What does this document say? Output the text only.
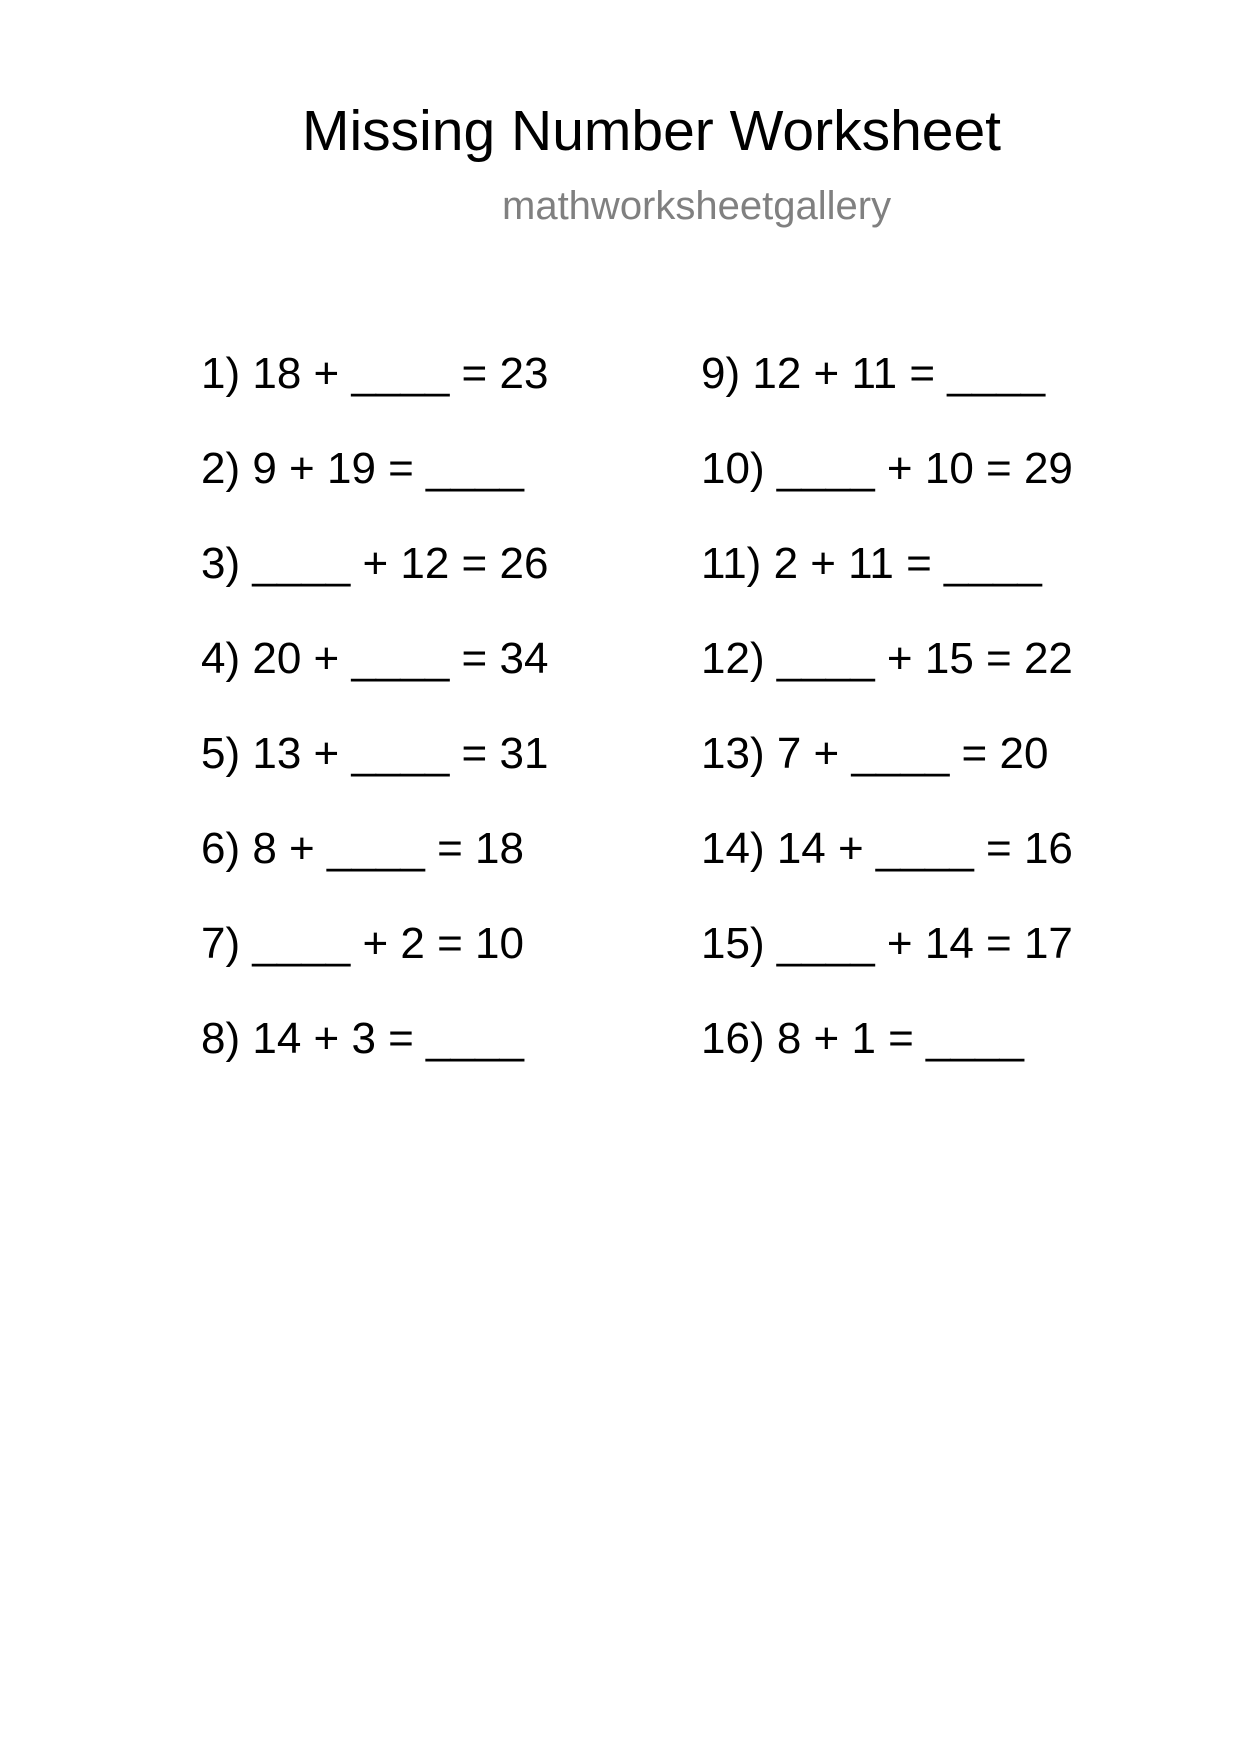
Missing Number Worksheet
mathworksheetgallery
1) 18 + ____ = 23
2) 9 + 19 = ____
3) ____ + 12 = 26
4) 20 + ____ = 34
5) 13 + ____ = 31
6) 8 + ____ = 18
7) ____ + 2 = 10
8) 14 + 3 = ____
9) 12 + 11 = ____
10) ____ + 10 = 29
11) 2 + 11 = ____
12) ____ + 15 = 22
13) 7 + ____ = 20
14) 14 + ____ = 16
15) ____ + 14 = 17
16) 8 + 1 = ____
